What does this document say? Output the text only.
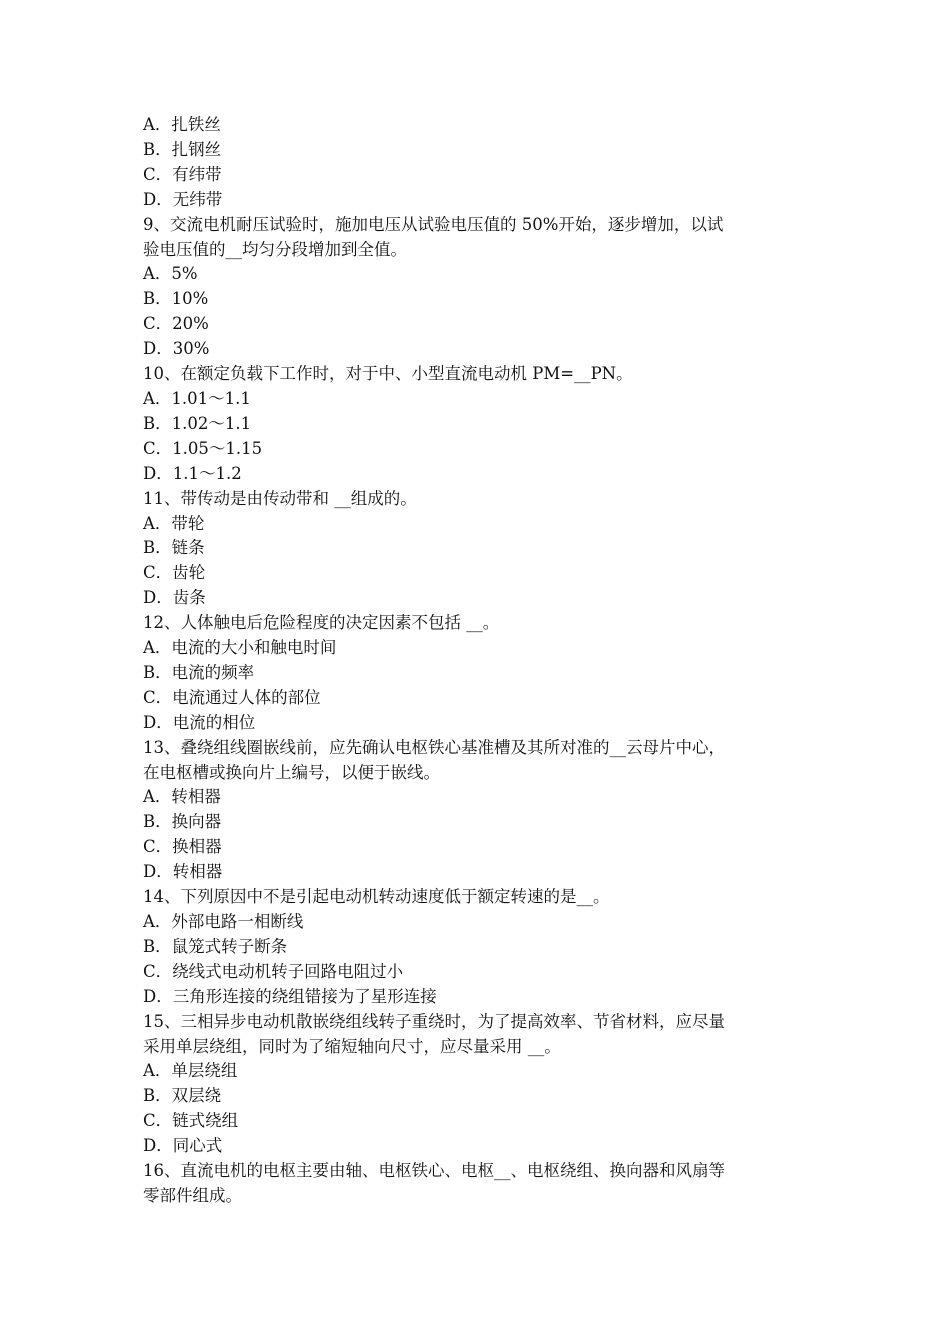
A．扎铁丝
B．扎钢丝
C．有纬带
D．无纬带
9、交流电机耐压试验时，施加电压从试验电压值的 50%开始，逐步增加，以试
验电压值的__均匀分段增加到全值。
A．5%
B．10%
C．20%
D．30%
10、在额定负载下工作时，对于中、小型直流电动机 PM=__PN。
A．1.01～1.1
B．1.02～1.1
C．1.05～1.15
D．1.1～1.2
11、带传动是由传动带和 __组成的。
A．带轮
B．链条
C．齿轮
D．齿条
12、人体触电后危险程度的决定因素不包括 __。
A．电流的大小和触电时间
B．电流的频率
C．电流通过人体的部位
D．电流的相位
13、叠绕组线圈嵌线前，应先确认电枢铁心基准槽及其所对准的__云母片中心，
在电枢槽或换向片上编号，以便于嵌线。
A．转相器
B．换向器
C．换相器
D．转相器
14、下列原因中不是引起电动机转动速度低于额定转速的是__。
A．外部电路一相断线
B．鼠笼式转子断条
C．绕线式电动机转子回路电阻过小
D．三角形连接的绕组错接为了星形连接
15、三相异步电动机散嵌绕组线转子重绕时，为了提高效率、节省材料，应尽量
采用单层绕组，同时为了缩短轴向尺寸，应尽量采用 __。
A．单层绕组
B．双层绕
C．链式绕组
D．同心式
16、直流电机的电枢主要由轴、电枢铁心、电枢__、电枢绕组、换向器和风扇等
零部件组成。
